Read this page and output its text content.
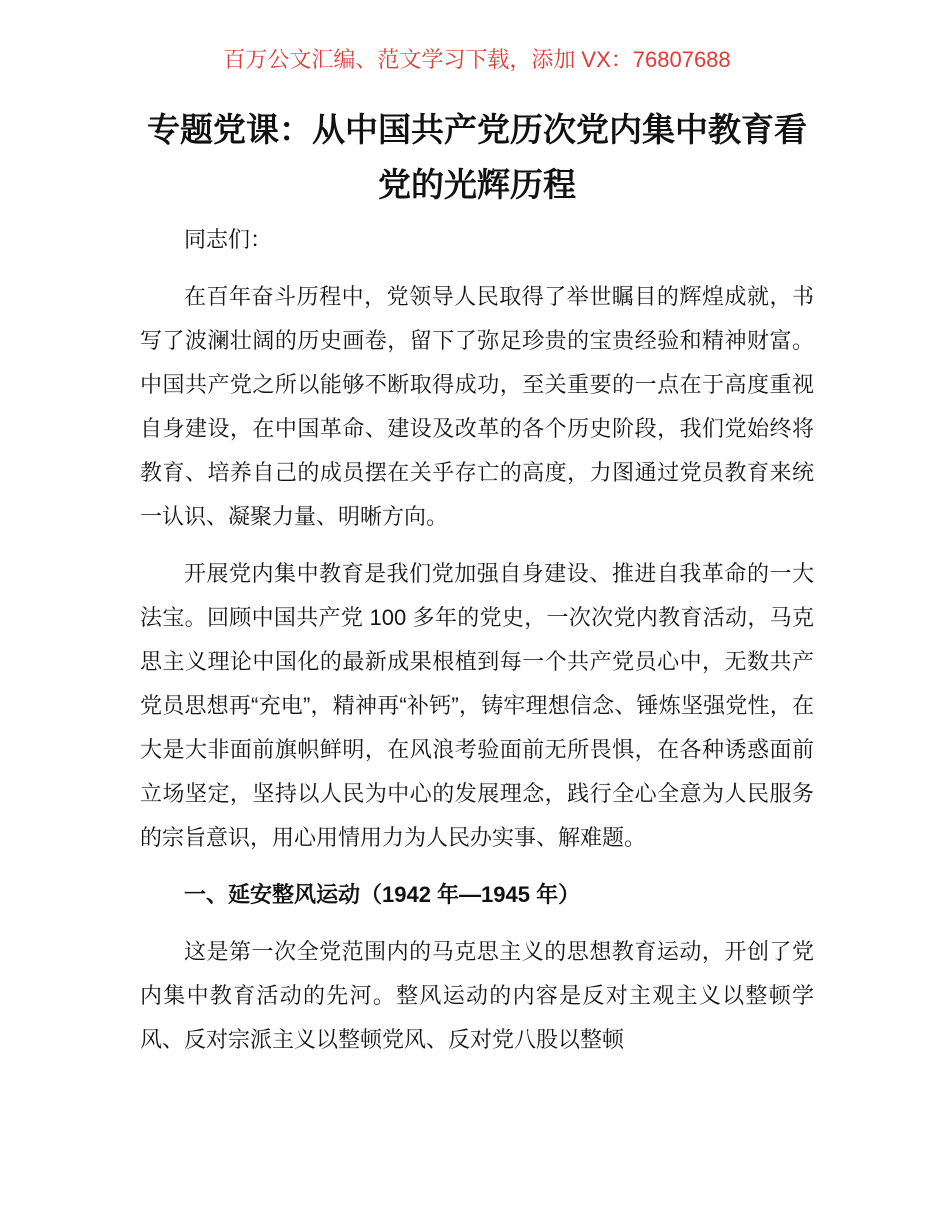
百万公文汇编、范文学习下载，添加 VX：76807688
专题党课：从中国共产党历次党内集中教育看党的光辉历程

同志们：

在百年奋斗历程中，党领导人民取得了举世瞩目的辉煌成就，书写了波澜壮阔的历史画卷，留下了弥足珍贵的宝贵经验和精神财富。中国共产党之所以能够不断取得成功，至关重要的一点在于高度重视自身建设，在中国革命、建设及改革的各个历史阶段，我们党始终将教育、培养自己的成员摆在关乎存亡的高度，力图通过党员教育来统一认识、凝聚力量、明晰方向。

开展党内集中教育是我们党加强自身建设、推进自我革命的一大法宝。回顾中国共产党 100 多年的党史，一次次党内教育活动，马克思主义理论中国化的最新成果根植到每一个共产党员心中，无数共产党员思想再“充电”，精神再“补钙”，铸牢理想信念、锤炼坚强党性，在大是大非面前旗帜鲜明，在风浪考验面前无所畏惧，在各种诱惑面前立场坚定，坚持以人民为中心的发展理念，践行全心全意为人民服务的宗旨意识，用心用情用力为人民办实事、解难题。

一、延安整风运动（1942 年—1945 年）

这是第一次全党范围内的马克思主义的思想教育运动，开创了党内集中教育活动的先河。整风运动的内容是反对主观主义以整顿学风、反对宗派主义以整顿党风、反对党八股以整顿
